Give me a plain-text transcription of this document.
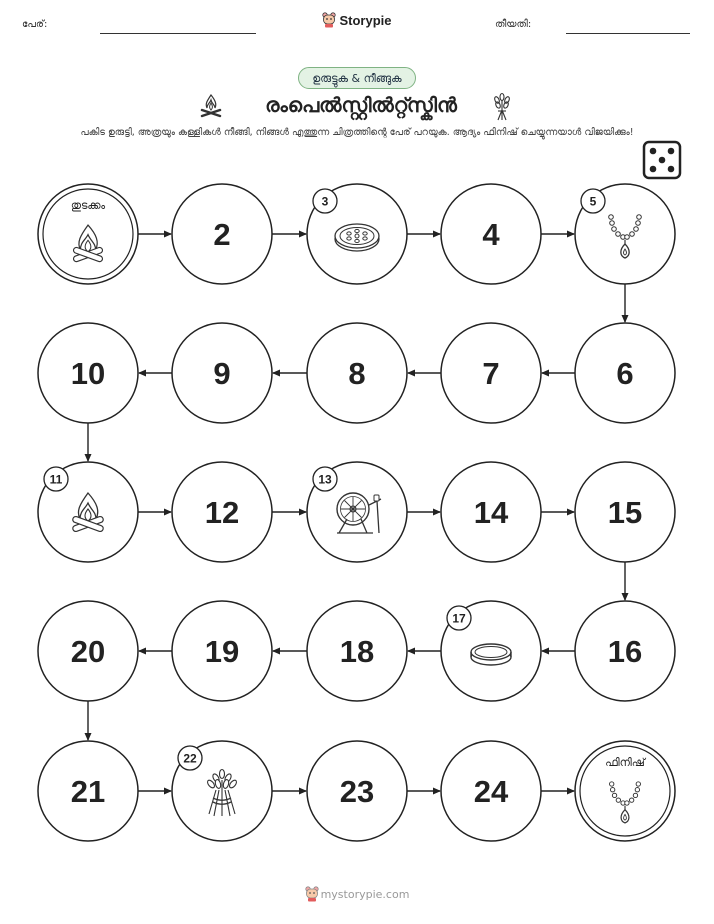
പേര്:	തീയതി:
Storypie
ഉരുട്ടുക & നീങ്ങുക
രംപെൽസ്റ്റിൽറ്റ്സ്കിൻ
പകിട ഉരുട്ടി, അത്രയും കള്ളികൾ നീങ്ങി, നിങ്ങൾ എത്തുന്ന ചിത്രത്തിന്റെ പേര് പറയുക. ആദ്യം ഫിനിഷ് ചെയ്യുന്നയാൾ വിജയിക്കും!
തുടക്കം
2
3
4
5
6
7
8
9
10
11
12
13
14	15
16
17
18
19
20
21
22
23	24
ഫിനിഷ്
mystorypie.com
